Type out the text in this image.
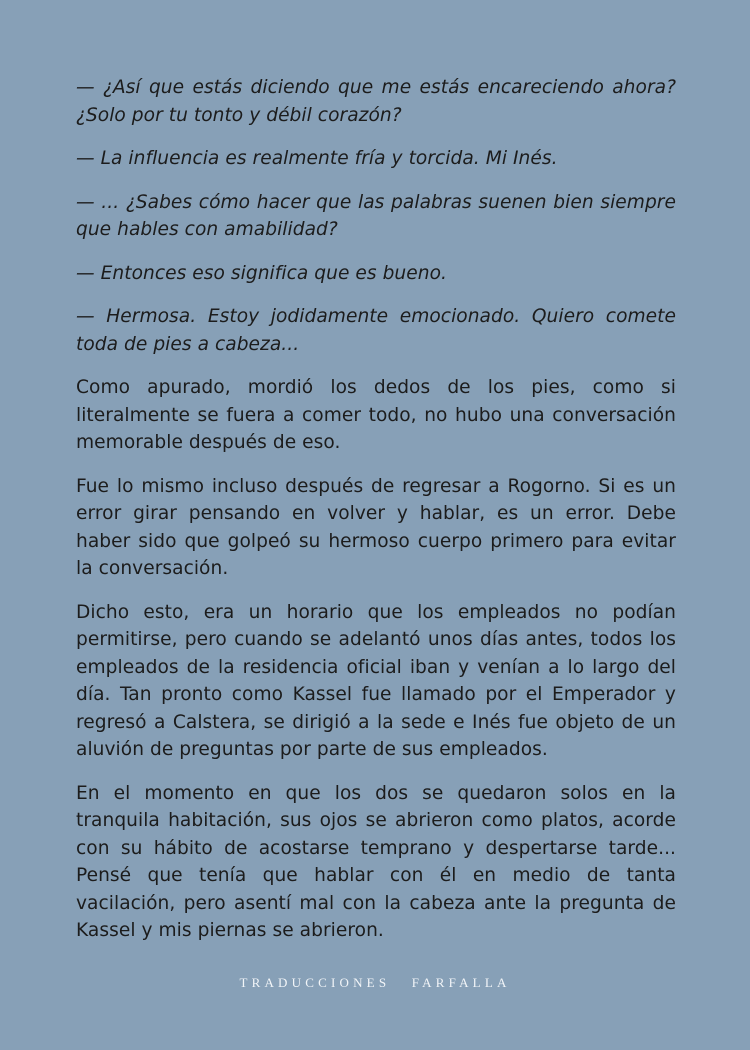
— ¿Así que estás diciendo que me estás encareciendo ahora? ¿Solo por tu tonto y débil corazón?

— La influencia es realmente fría y torcida. Mi Inés.

— ... ¿Sabes cómo hacer que las palabras suenen bien siempre que hables con amabilidad?

— Entonces eso significa que es bueno.

— Hermosa. Estoy jodidamente emocionado. Quiero cometе toda de pies a cabeza...

Como apurado, mordió los dedos de los pies, como si literalmente se fuera a comer todo, no hubo una conversación memorable después de eso.

Fue lo mismo incluso después de regresar a Rogorno. Si es un error girar pensando en volver y hablar, es un error. Debe haber sido que golpeó su hermoso cuerpo primero para evitar la conversación.

Dicho esto, era un horario que los empleados no podían permitirse, pero cuando se adelantó unos días antes, todos los empleados de la residencia oficial iban y venían a lo largo del día. Tan pronto como Kassel fue llamado por el Emperador y regresó a Calstera, se dirigió a la sede e Inés fue objeto de un aluvión de preguntas por parte de sus empleados.

En el momento en que los dos se quedaron solos en la tranquila habitación, sus ojos se abrieron como platos, acorde con su hábito de acostarse temprano y despertarse tarde... Pensé que tenía que hablar con él en medio de tanta vacilación, pero asentí mal con la cabeza ante la pregunta de Kassel y mis piernas se abrieron.

TRADUCCIONES FARFALLA
